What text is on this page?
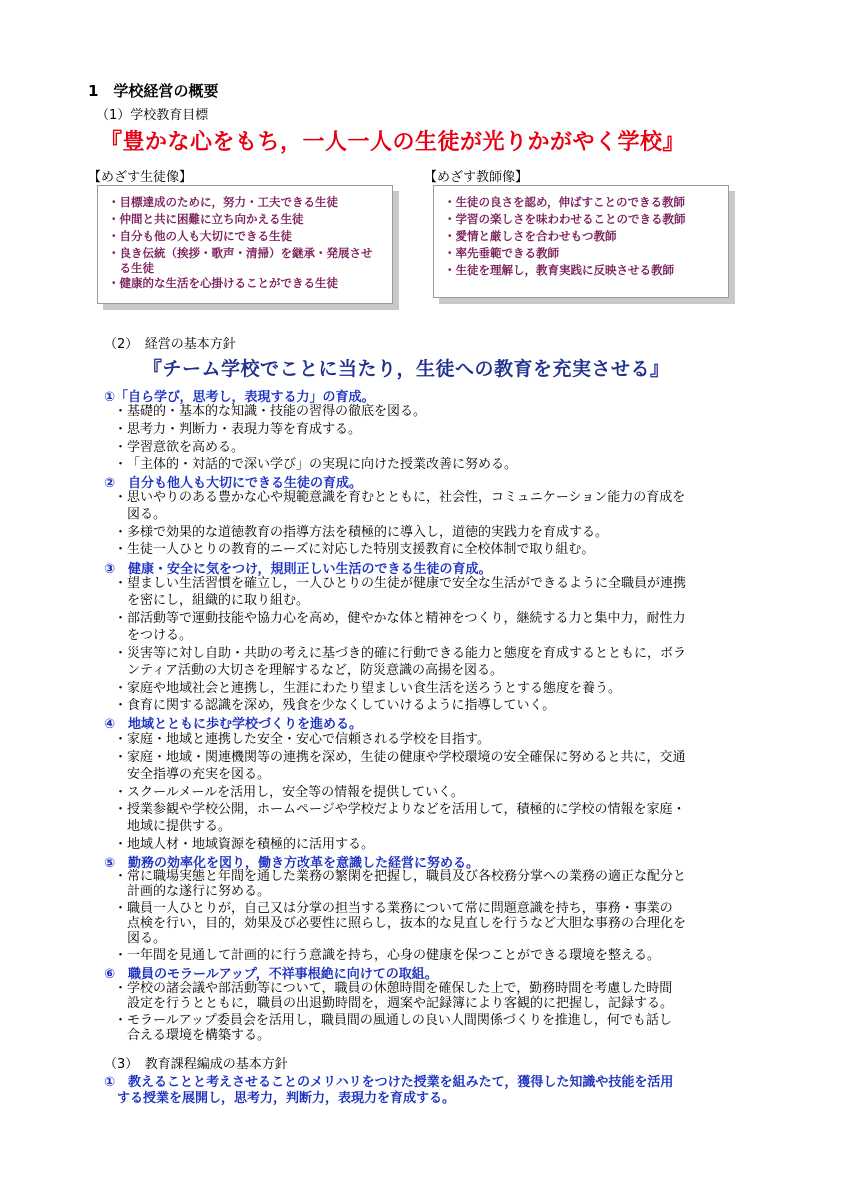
1　学校経営の概要
（1）学校教育目標
『豊かな心をもち，一人一人の生徒が光りかがやく学校』
【めざす生徒像】	【めざす教師像】
・目標達成のために，努力・工夫できる生徒
・仲間と共に困難に立ち向かえる生徒
・自分も他の人も大切にできる生徒
・良き伝統（挨拶・歌声・清掃）を継承・発展させ
　る生徒
・健康的な生活を心掛けることができる生徒
・生徒の良さを認め，伸ばすことのできる教師
・学習の楽しさを味わわせることのできる教師
・愛情と厳しさを合わせもつ教師
・率先垂範できる教師
・生徒を理解し，教育実践に反映させる教師
（2）　経営の基本方針
『チーム学校でことに当たり，生徒への教育を充実させる』
①「自ら学び，思考し，表現する力」の育成。
・ 基礎的・基本的な知識・技能の習得の徹底を図る。
・ 思考力・判断力・表現力等を育成する。
・ 学習意欲を高める。
・ 「主体的・対話的で深い学び」の実現に向けた授業改善に努める。
②　自分も他人も大切にできる生徒の育成。
・ 思いやりのある豊かな心や規範意識を育むとともに，社会性，コミュニケーション能力の育成を
図る。
・ 多様で効果的な道徳教育の指導方法を積極的に導入し，道徳的実践力を育成する。
・ 生徒一人ひとりの教育的ニーズに対応した特別支援教育に全校体制で取り組む。
③　健康・安全に気をつけ，規則正しい生活のできる生徒の育成。
・ 望ましい生活習慣を確立し，一人ひとりの生徒が健康で安全な生活ができるように全職員が連携
を密にし，組織的に取り組む。
・ 部活動等で運動技能や協力心を高め，健やかな体と精神をつくり，継続する力と集中力，耐性力
をつける。
・ 災害等に対し自助・共助の考えに基づき的確に行動できる能力と態度を育成するとともに，ボラ
ンティア活動の大切さを理解するなど，防災意識の高揚を図る。
・ 家庭や地域社会と連携し，生涯にわたり望ましい食生活を送ろうとする態度を養う。
・ 食育に関する認識を深め，残食を少なくしていけるように指導していく。
④　地域とともに歩む学校づくりを進める。
・ 家庭・地域と連携した安全・安心で信頼される学校を目指す。
・ 家庭・地域・関連機関等の連携を深め，生徒の健康や学校環境の安全確保に努めると共に，交通
安全指導の充実を図る。
・ スクールメールを活用し，安全等の情報を提供していく。
・ 授業参観や学校公開，ホームページや学校だよりなどを活用して，積極的に学校の情報を家庭・
地域に提供する。
・ 地域人材・地域資源を積極的に活用する。
⑤　勤務の効率化を図り，働き方改革を意識した経営に努める。
・ 常に職場実態と年間を通した業務の繁閑を把握し，職員及び各校務分掌への業務の適正な配分と
計画的な遂行に努める。
・ 職員一人ひとりが，自己又は分掌の担当する業務について常に問題意識を持ち，事務・事業の
点検を行い，目的，効果及び必要性に照らし，抜本的な見直しを行うなど大胆な事務の合理化を
図る。
・ 一年間を見通して計画的に行う意識を持ち，心身の健康を保つことができる環境を整える。
⑥　職員のモラールアップ，不祥事根絶に向けての取組。
・ 学校の諸会議や部活動等について，職員の休憩時間を確保した上で，勤務時間を考慮した時間
設定を行うとともに，職員の出退勤時間を，週案や記録簿により客観的に把握し，記録する。
・ モラールアップ委員会を活用し，職員間の風通しの良い人間関係づくりを推進し，何でも話し
合える環境を構築する。
（3）　教育課程編成の基本方針
①　教えることと考えさせることのメリハリをつけた授業を組みたて，獲得した知識や技能を活用
　する授業を展開し，思考力，判断力，表現力を育成する。
